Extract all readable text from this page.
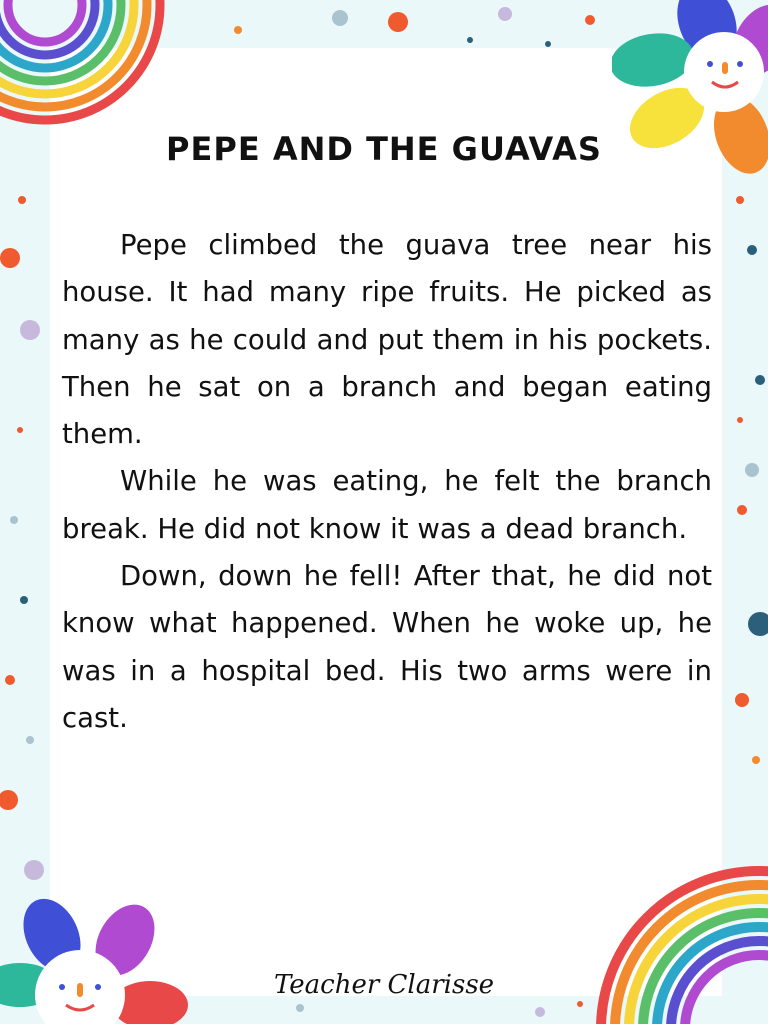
PEPE AND THE GUAVAS

Pepe climbed the guava tree near his house. It had many ripe fruits. He picked as many as he could and put them in his pockets. Then he sat on a branch and began eating them.

While he was eating, he felt the branch break. He did not know it was a dead branch.

Down, down he fell! After that, he did not know what happened. When he woke up, he was in a hospital bed. His two arms were in cast.

Teacher Clarisse
